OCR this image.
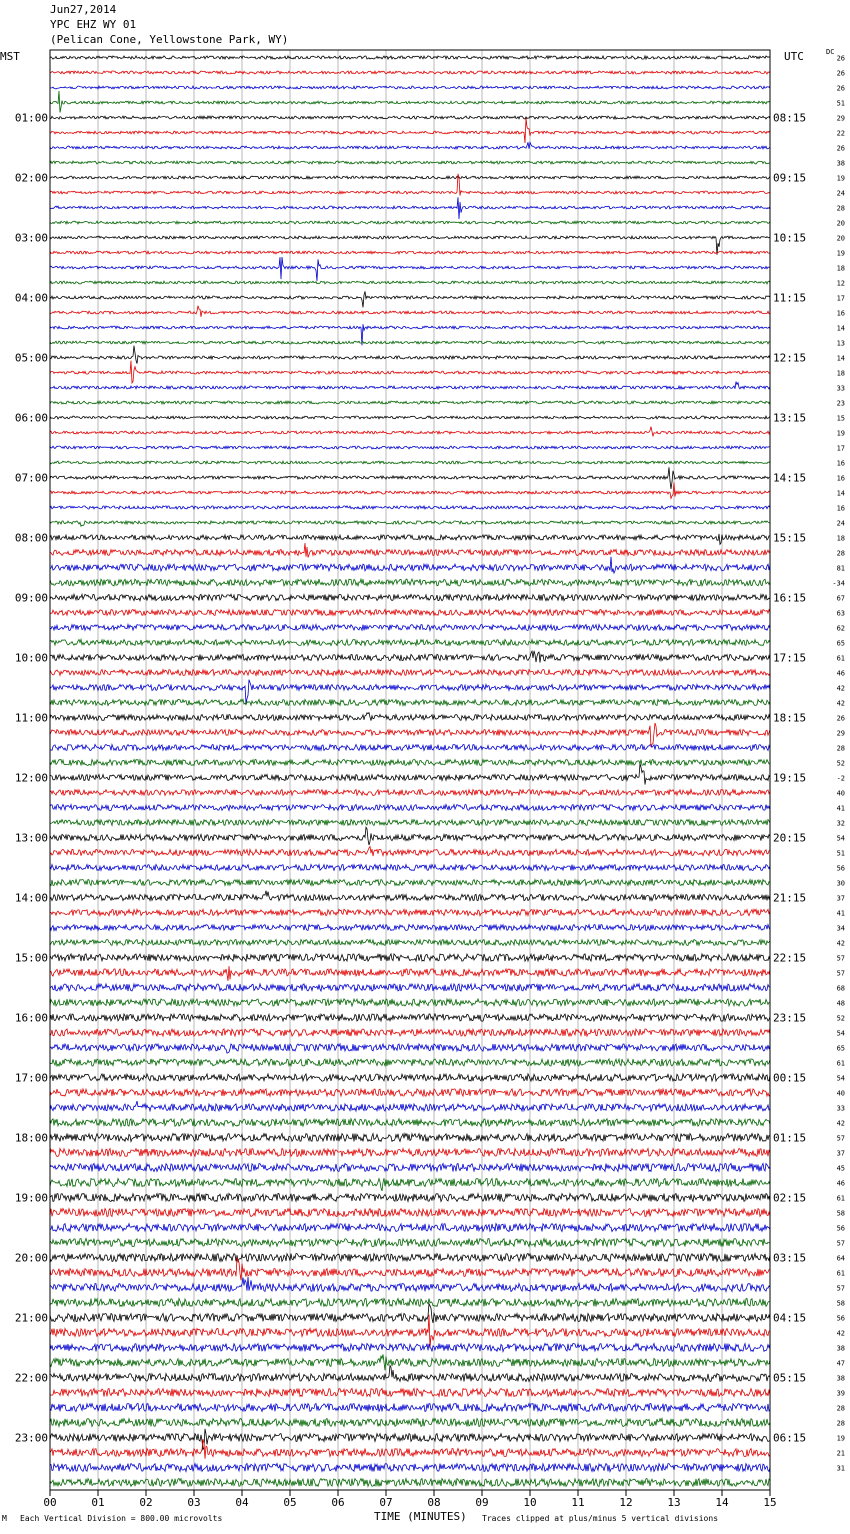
Jun27,2014
YPC EHZ WY 01
(Pelican Cone, Yellowstone Park, WY)
MST	UTC	DC
01:00
02:00
03:00
04:00
05:00
06:00
07:00
08:00
09:00
10:00
11:00
12:00
13:00
14:00
15:00
16:00
17:00
18:00
19:00
20:00
21:00
22:00
23:00
08:15
09:15
10:15
11:15
12:15
13:15
14:15
15:15
16:15
17:15
18:15
19:15
20:15
21:15
22:15
23:15
00:15
01:15
02:15
03:15
04:15
05:15
06:15
26
26
26
51
29
22
26
38
19
24
28
20
20
19
18
12
17
16
14
13
14
18
33
23
15
19
17
16
16
14
16
24
18
28
81
-34
67
63
62
65
61
46
42
42
26
29
28
52
-2
40
41
32
54
51
56
30
37
41
34
42
57
57
68
48
52
54
65
61
54
40
33
42
57
37
45
46
61
58
56
57
64
61
57
58
56
42
38
47
38
39
28
28
19
21
31
00	01	02	03	04	05	06	07	08	09	10	11	12	13	14	15
M Each Vertical Division = 800.00 microvolts	TIME (MINUTES) Traces clipped at plus/minus 5 vertical divisions
